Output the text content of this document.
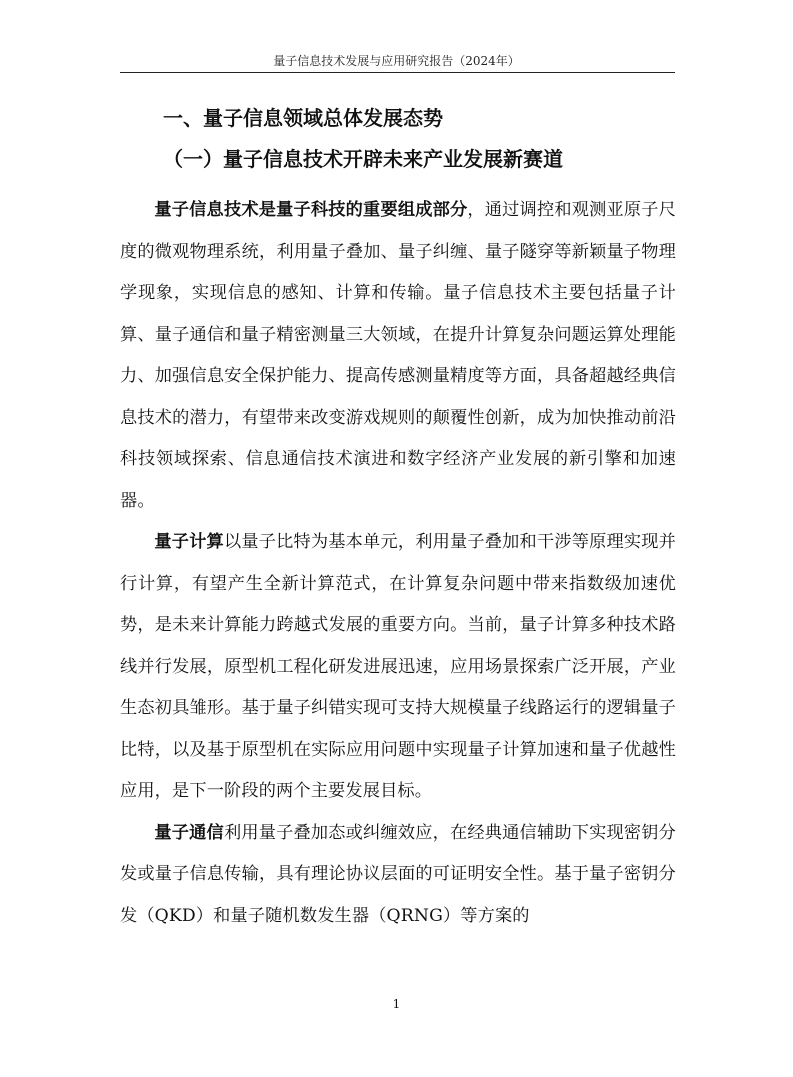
量子信息技术发展与应用研究报告（2024年）
一、量子信息领域总体发展态势
（一）量子信息技术开辟未来产业发展新赛道

量子信息技术是量子科技的重要组成部分，通过调控和观测亚原子尺度的微观物理系统，利用量子叠加、量子纠缠、量子隧穿等新颖量子物理学现象，实现信息的感知、计算和传输。量子信息技术主要包括量子计算、量子通信和量子精密测量三大领域，在提升计算复杂问题运算处理能力、加强信息安全保护能力、提高传感测量精度等方面，具备超越经典信息技术的潜力，有望带来改变游戏规则的颠覆性创新，成为加快推动前沿科技领域探索、信息通信技术演进和数字经济产业发展的新引擎和加速器。

量子计算以量子比特为基本单元，利用量子叠加和干涉等原理实现并行计算，有望产生全新计算范式，在计算复杂问题中带来指数级加速优势，是未来计算能力跨越式发展的重要方向。当前，量子计算多种技术路线并行发展，原型机工程化研发进展迅速，应用场景探索广泛开展，产业生态初具雏形。基于量子纠错实现可支持大规模量子线路运行的逻辑量子比特，以及基于原型机在实际应用问题中实现量子计算加速和量子优越性应用，是下一阶段的两个主要发展目标。

量子通信利用量子叠加态或纠缠效应，在经典通信辅助下实现密钥分发或量子信息传输，具有理论协议层面的可证明安全性。基于量子密钥分发（QKD）和量子随机数发生器（QRNG）等方案的

1
